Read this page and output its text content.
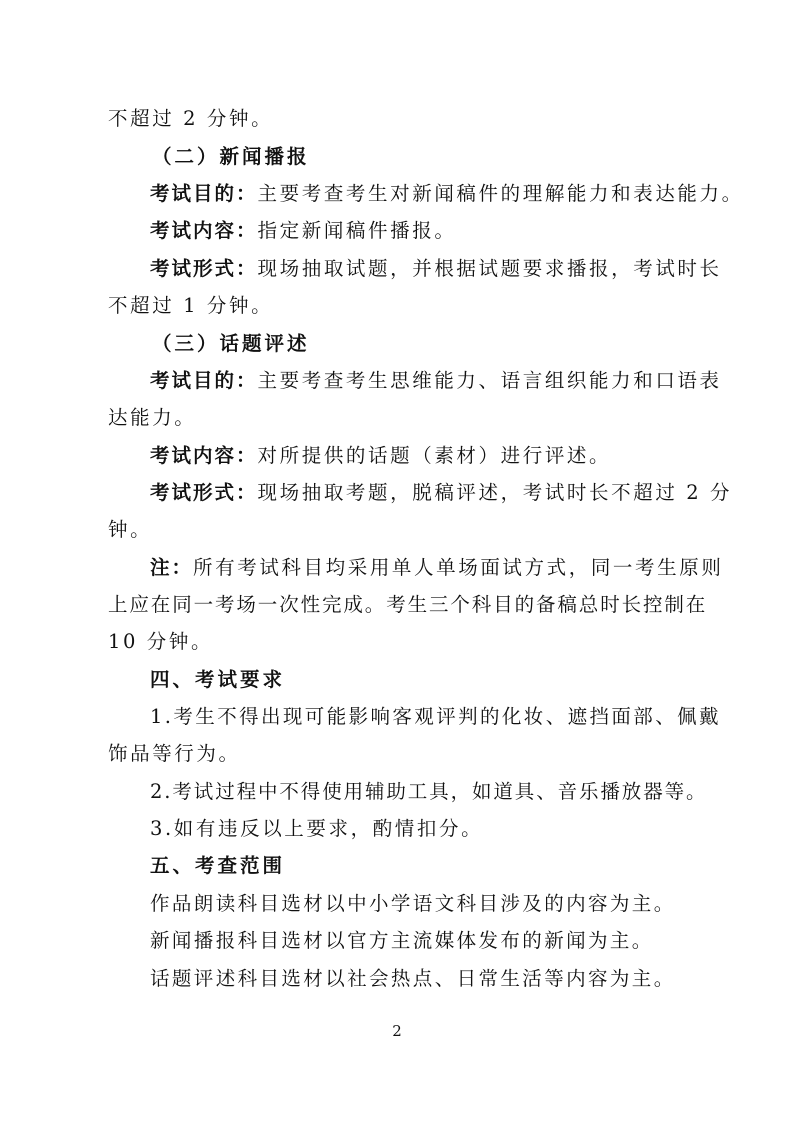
不超过 2 分钟。
（二）新闻播报
考试目的：主要考查考生对新闻稿件的理解能力和表达能力。
考试内容：指定新闻稿件播报。
考试形式：现场抽取试题，并根据试题要求播报，考试时长
不超过 1 分钟。
（三）话题评述
考试目的：主要考查考生思维能力、语言组织能力和口语表
达能力。
考试内容：对所提供的话题（素材）进行评述。
考试形式：现场抽取考题，脱稿评述，考试时长不超过 2 分
钟。
注：所有考试科目均采用单人单场面试方式，同一考生原则
上应在同一考场一次性完成。考生三个科目的备稿总时长控制在
10 分钟。
四、考试要求
1.考生不得出现可能影响客观评判的化妆、遮挡面部、佩戴
饰品等行为。
2.考试过程中不得使用辅助工具，如道具、音乐播放器等。
3.如有违反以上要求，酌情扣分。
五、考查范围
作品朗读科目选材以中小学语文科目涉及的内容为主。
新闻播报科目选材以官方主流媒体发布的新闻为主。
话题评述科目选材以社会热点、日常生活等内容为主。
2
